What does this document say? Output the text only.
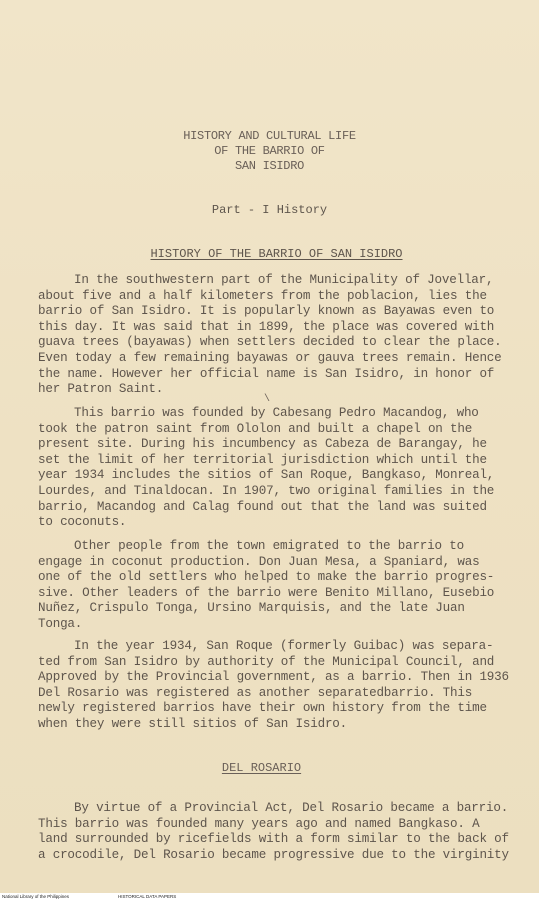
HISTORY AND CULTURAL LIFE
OF THE BARRIO OF
SAN ISIDRO
Part - I History
HISTORY OF THE BARRIO OF SAN ISIDRO
In the southwestern part of the Municipality of Jovellar,
about five and a half kilometers from the poblacion, lies the
barrio of San Isidro. It is popularly known as Bayawas even to
this day. It was said that in 1899, the place was covered with
guava trees (bayawas) when settlers decided to clear the place.
Even today a few remaining bayawas or gauva trees remain. Hence
the name. However her official name is San Isidro, in honor of
her Patron Saint.
\
This barrio was founded by Cabesang Pedro Macandog, who
took the patron saint from Ololon and built a chapel on the
present site. During his incumbency as Cabeza de Barangay, he
set the limit of her territorial jurisdiction which until the
year 1934 includes the sitios of San Roque, Bangkaso, Monreal,
Lourdes, and Tinaldocan. In 1907, two original families in the
barrio, Macandog and Calag found out that the land was suited
to coconuts.
Other people from the town emigrated to the barrio to
engage in coconut production. Don Juan Mesa, a Spaniard, was
one of the old settlers who helped to make the barrio progres-
sive. Other leaders of the barrio were Benito Millano, Eusebio
Nuñez, Crispulo Tonga, Ursino Marquisis, and the late Juan
Tonga.
In the year 1934, San Roque (formerly Guibac) was separa-
ted from San Isidro by authority of the Municipal Council, and
Approved by the Provincial government, as a barrio. Then in 1936
Del Rosario was registered as another separatedbarrio. This
newly registered barrios have their own history from the time
when they were still sitios of San Isidro.
DEL ROSARIO
By virtue of a Provincial Act, Del Rosario became a barrio.
This barrio was founded many years ago and named Bangkaso. A
land surrounded by ricefields with a form similar to the back of
a crocodile, Del Rosario became progressive due to the virginity
National Library of the Philippines	HISTORICAL DATA PAPERS
